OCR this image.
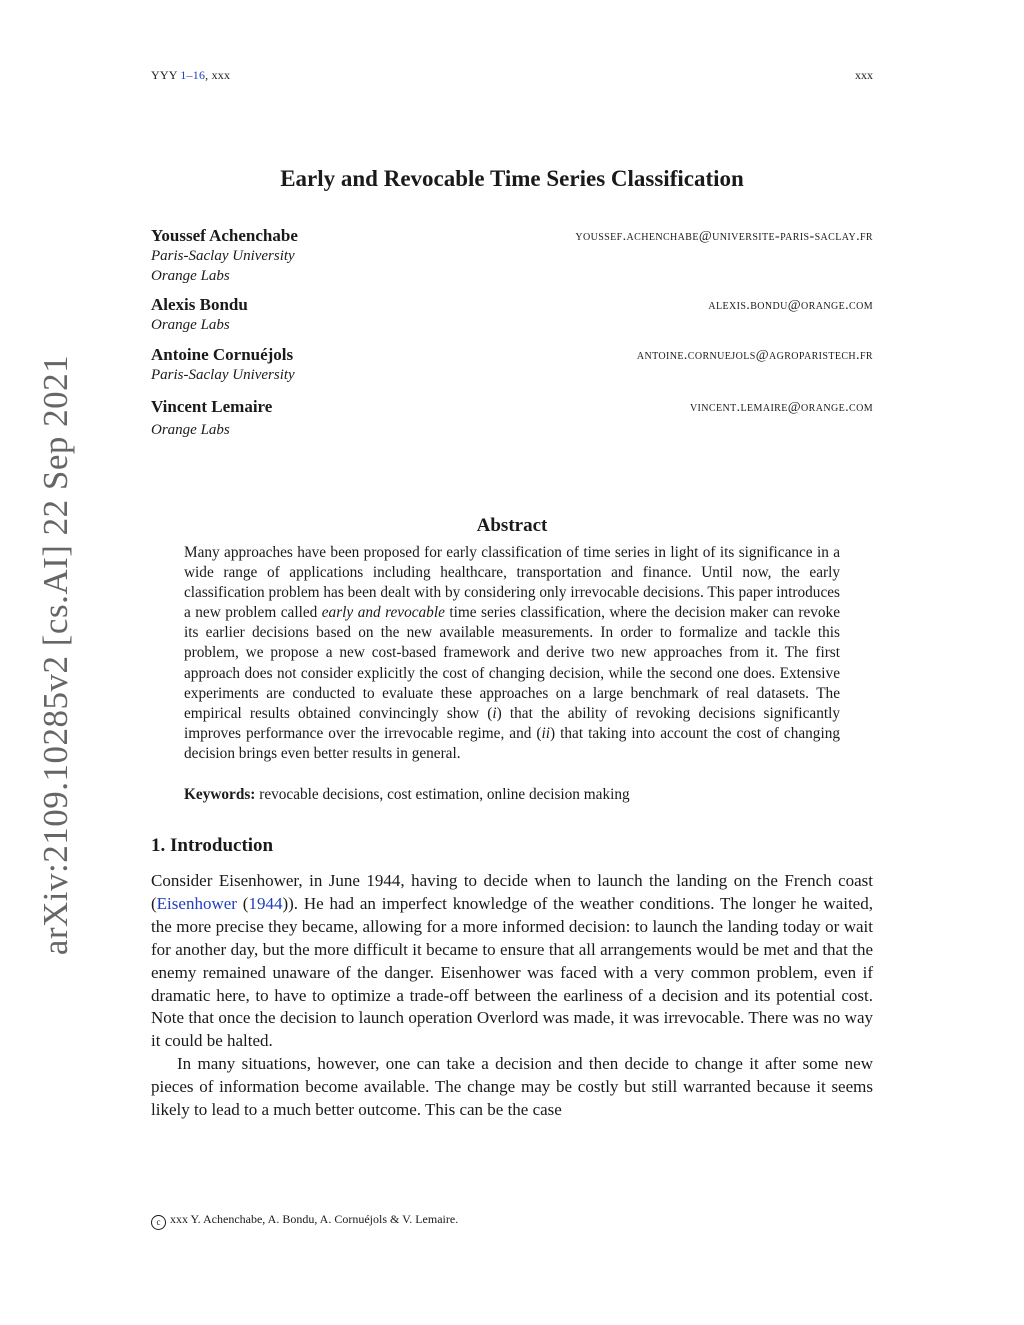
YYY 1–16, xxx	xxx
arXiv:2109.10285v2 [cs.AI] 22 Sep 2021
Early and Revocable Time Series Classification
Youssef Achenchabe	youssef.achenchabe@universite-paris-saclay.fr
Paris-Saclay University
Orange Labs
Alexis Bondu	alexis.bondu@orange.com
Orange Labs
Antoine Cornuéjols	antoine.cornuejols@agroparistech.fr
Paris-Saclay University
Vincent Lemaire	vincent.lemaire@orange.com
Orange Labs
Abstract

Many approaches have been proposed for early classification of time series in light of its significance in a wide range of applications including healthcare, transportation and finance. Until now, the early classification problem has been dealt with by considering only irrevocable decisions. This paper introduces a new problem called early and revocable time series classification, where the decision maker can revoke its earlier decisions based on the new available measurements. In order to formalize and tackle this problem, we propose a new cost-based framework and derive two new approaches from it. The first approach does not consider explicitly the cost of changing decision, while the second one does. Extensive experiments are conducted to evaluate these approaches on a large benchmark of real datasets. The empirical results obtained convincingly show (i) that the ability of revoking decisions significantly improves performance over the irrevocable regime, and (ii) that taking into account the cost of changing decision brings even better results in general.

Keywords: revocable decisions, cost estimation, online decision making
1. Introduction

Consider Eisenhower, in June 1944, having to decide when to launch the landing on the French coast (Eisenhower (1944)). He had an imperfect knowledge of the weather conditions. The longer he waited, the more precise they became, allowing for a more informed decision: to launch the landing today or wait for another day, but the more difficult it became to ensure that all arrangements would be met and that the enemy remained unaware of the danger. Eisenhower was faced with a very common problem, even if dramatic here, to have to optimize a trade-off between the earliness of a decision and its potential cost. Note that once the decision to launch operation Overlord was made, it was irrevocable. There was no way it could be halted.

In many situations, however, one can take a decision and then decide to change it after some new pieces of information become available. The change may be costly but still warranted because it seems likely to lead to a much better outcome. This can be the case

c xxx Y. Achenchabe, A. Bondu, A. Cornuéjols & V. Lemaire.
